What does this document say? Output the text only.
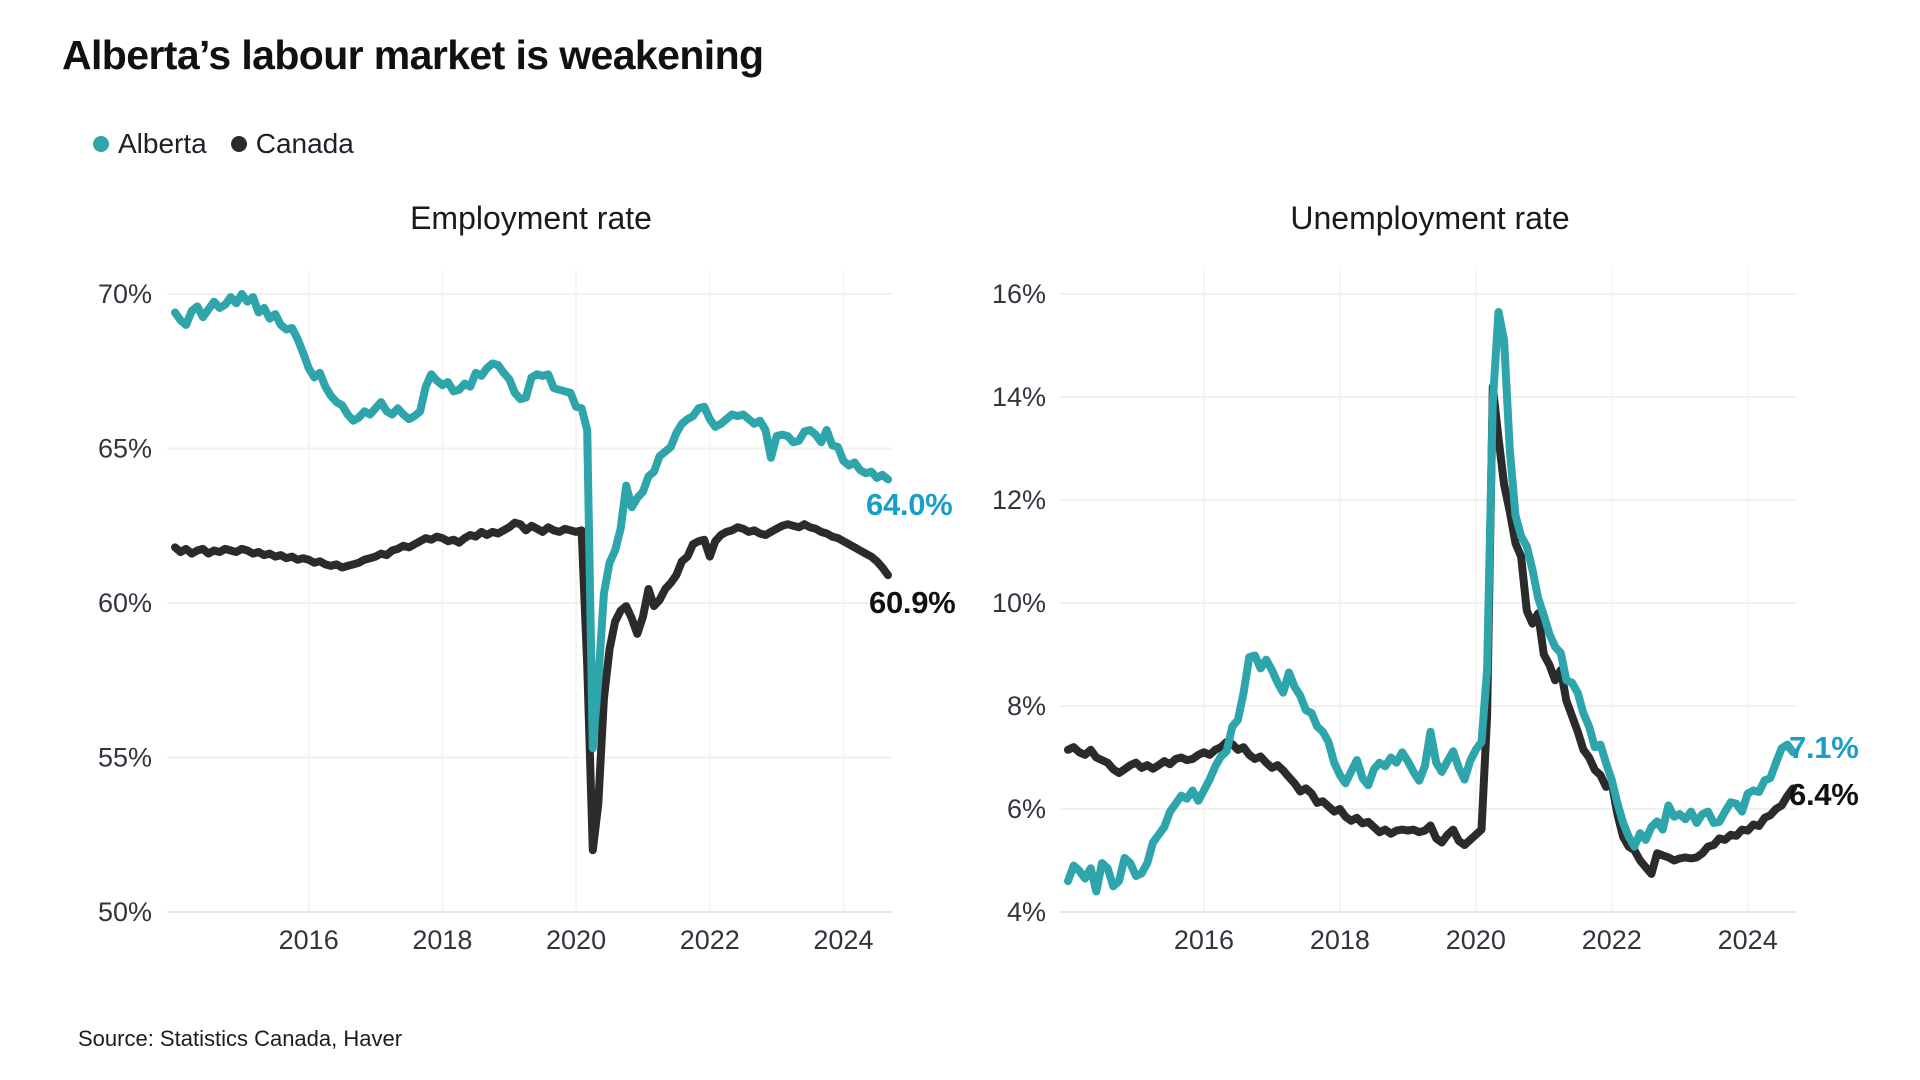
Alberta’s labour market is weakening
Alberta Canada
Employment rate	Unemployment rate
70%
65%
60%
55%
50%
2016	2018	2020	2022	2024
16%
14%
12%
10%
8%
6%
4%
2016	2018	2020	2022	2024
64.0%
60.9%
7.1%
6.4%
Source: Statistics Canada, Haver
